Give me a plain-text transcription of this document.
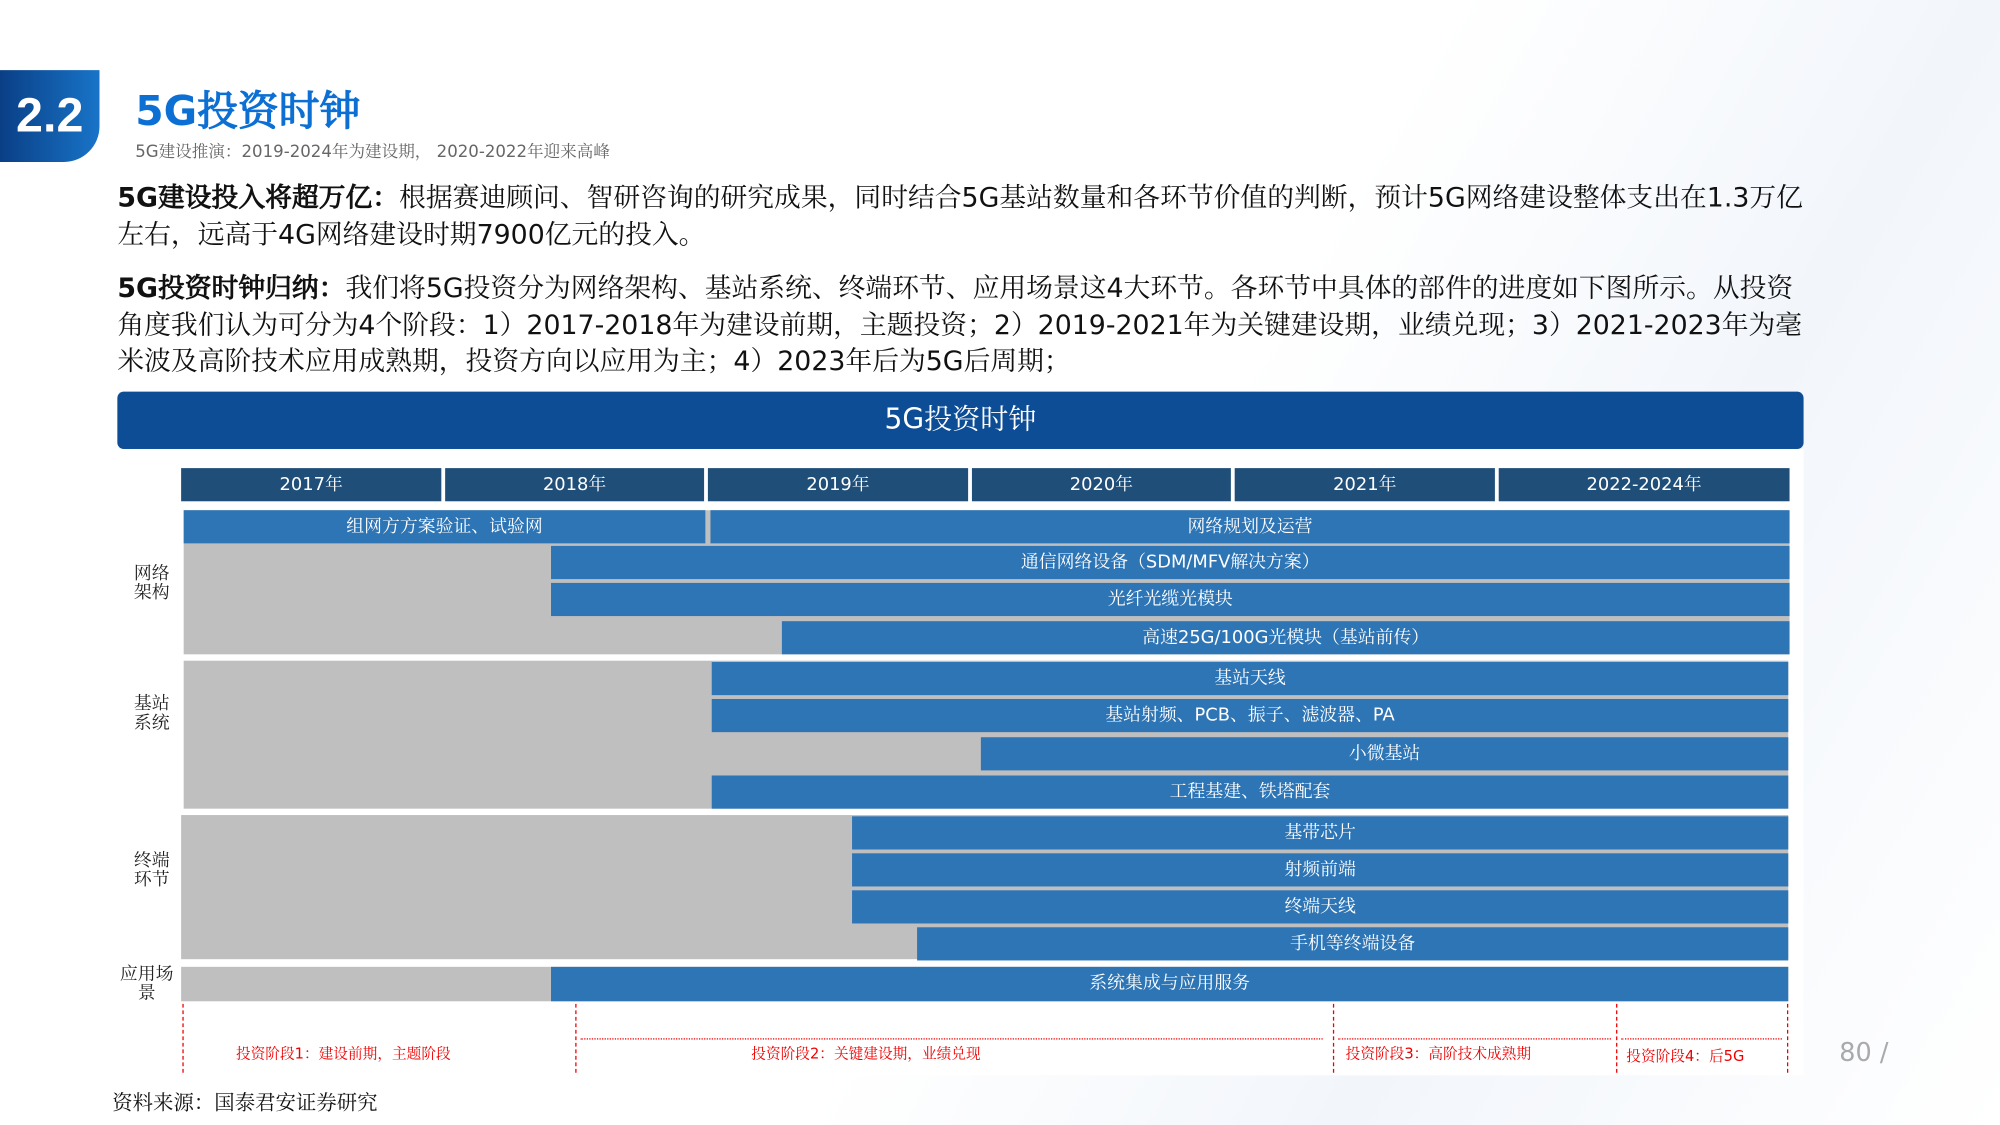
2.2	5G投资时钟
5G建设推演：2019-2024年为建设期， 2020-2022年迎来高峰
5G建设投入将超万亿：根据赛迪顾问、智研咨询的研究成果，同时结合5G基站数量和各环节价值的判断，预计5G网络建设整体支出在1.3万亿左右，远高于4G网络建设时期7900亿元的投入。
5G投资时钟归纳：我们将5G投资分为网络架构、基站系统、终端环节、应用场景这4大环节。各环节中具体的部件的进度如下图所示。从投资角度我们认为可分为4个阶段：1）2017-2018年为建设前期，主题投资；2）2019-2021年为关键建设期，业绩兑现；3）2021-2023年为毫米波及高阶技术应用成熟期，投资方向以应用为主；4）2023年后为5G后周期；
5G投资时钟
2017年	2018年	2019年	2020年	2021年	2022-2024年
网络架构
基站系统
终端环节
应用场景
组网方方案验证、试验网	网络规划及运营
通信网络设备（SDM/MFV解决方案）
光纤光缆光模块
高速25G/100G光模块（基站前传）
基站天线
基站射频、PCB、振子、滤波器、PA
小微基站
工程基建、铁塔配套
基带芯片
射频前端
终端天线
手机等终端设备
系统集成与应用服务
投资阶段1：建设前期，主题阶段	投资阶段2：关键建设期，业绩兑现	投资阶段3：高阶技术成熟期	投资阶段4：后5G	80 /
资料来源：国泰君安证券研究
